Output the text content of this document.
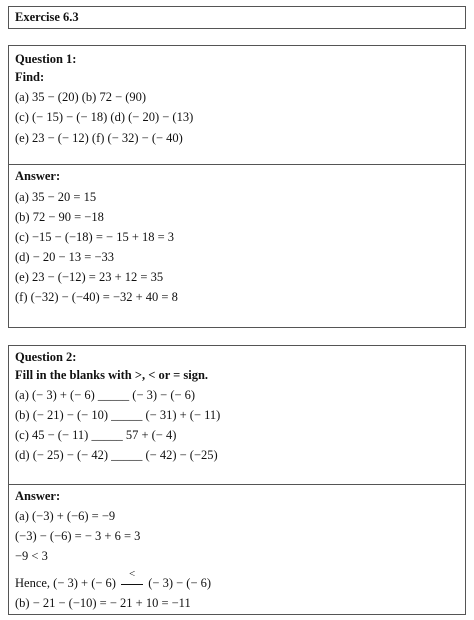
Exercise 6.3
Question 1:
Find:
(a) 35 − (20) (b) 72 − (90)
(c) (− 15) − (− 18) (d) (− 20) − (13)
(e) 23 − (− 12) (f) (− 32) − (− 40)
Answer:
(a) 35 − 20 = 15
(b) 72 − 90 = −18
(c) −15 − (−18) = − 15 + 18 = 3
(d) − 20 − 13 = −33
(e) 23 − (−12) = 23 + 12 = 35
(f) (−32) − (−40) = −32 + 40 = 8
Question 2:
Fill in the blanks with >, < or = sign.
(a) (− 3) + (− 6) _____ (− 3) − (− 6)
(b) (− 21) − (− 10) _____ (− 31) + (− 11)
(c) 45 − (− 11) _____ 57 + (− 4)
(d) (− 25) − (− 42) _____ (− 42) − (−25)
Answer:
(a) (−3) + (−6) = −9
(−3) − (−6) = − 3 + 6 = 3
−9 < 3
Hence, (− 3) + (− 6)
<
(− 3) − (− 6)
(b) − 21 − (−10) = − 21 + 10 = −11
